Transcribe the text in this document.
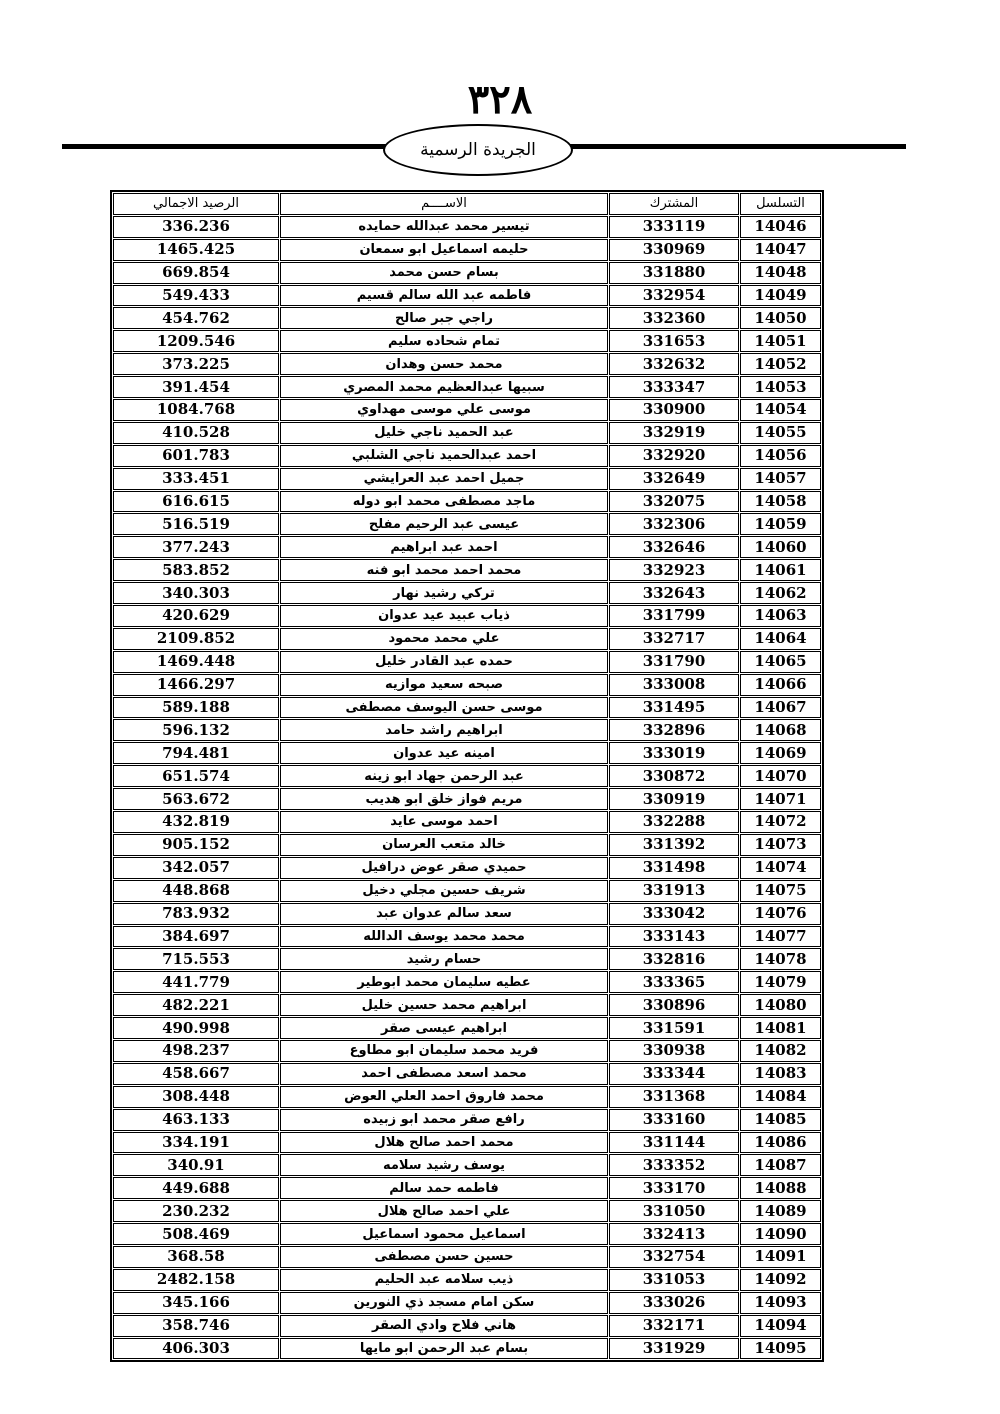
٣٢٨
الجريدة الرسمية
الرصيد الاجمالي	الاســــم	المشترك	التسلسل
336.236	تيسير محمد عبدالله حمايده	333119	14046
1465.425	حليمه اسماعيل ابو سمعان	330969	14047
669.854	بسام حسن محمد	331880	14048
549.433	فاطمه عبد الله سالم قسيم	332954	14049
454.762	راجي جبر صالح	332360	14050
1209.546	تمام شحاده سليم	331653	14051
373.225	محمد حسن وهدان	332632	14052
391.454	سبيها عبدالعظيم محمد المصري	333347	14053
1084.768	موسى علي موسى مهداوي	330900	14054
410.528	عبد الحميد ناجي خليل	332919	14055
601.783	احمد عبدالحميد ناجي الشلبي	332920	14056
333.451	جميل احمد عبد العرايشي	332649	14057
616.615	ماجد مصطفى محمد ابو دوله	332075	14058
516.519	عيسى عبد الرحيم مفلح	332306	14059
377.243	احمد عبد ابراهيم	332646	14060
583.852	محمد احمد محمد ابو فنه	332923	14061
340.303	تركي رشيد نهار	332643	14062
420.629	ذياب عبيد عيد عدوان	331799	14063
2109.852	علي محمد محمود	332717	14064
1469.448	حمده عبد القادر خليل	331790	14065
1466.297	صبحه سعيد موازيه	333008	14066
589.188	موسى حسن اليوسف مصطفى	331495	14067
596.132	ابراهيم راشد حامد	332896	14068
794.481	امينه عيد عدوان	333019	14069
651.574	عبد الرحمن جهاد ابو زينه	330872	14070
563.672	مريم فواز خلق ابو هديب	330919	14071
432.819	احمد موسى عايد	332288	14072
905.152	خالد متعب العرسان	331392	14073
342.057	حميدي صقر عوض درافيل	331498	14074
448.868	شريف حسين مجلي دخيل	331913	14075
783.932	سعد سالم عدوان عبد	333042	14076
384.697	محمد محمد يوسف الدالله	333143	14077
715.553	حسام رشيد	332816	14078
441.779	عطيه سليمان محمد ابوطير	333365	14079
482.221	ابراهيم محمد حسين خليل	330896	14080
490.998	ابراهيم عيسى صقر	331591	14081
498.237	فريد محمد سليمان ابو مطاوع	330938	14082
458.667	محمد اسعد مصطفى احمد	333344	14083
308.448	محمد فاروق احمد العلي العوض	331368	14084
463.133	رافع صقر محمد ابو زبيده	333160	14085
334.191	محمد احمد صالح هلال	331144	14086
340.91	يوسف رشيد سلامه	333352	14087
449.688	فاطمه حمد سالم	333170	14088
230.232	علي احمد صالح هلال	331050	14089
508.469	اسماعيل محمود اسماعيل	332413	14090
368.58	حسين حسن مصطفى	332754	14091
2482.158	ذيب سلامه عبد الحليم	331053	14092
345.166	سكن امام مسجد ذي النورين	333026	14093
358.746	هاني فلاح وادي الصقر	332171	14094
406.303	بسام عبد الرحمن ابو مايها	331929	14095
